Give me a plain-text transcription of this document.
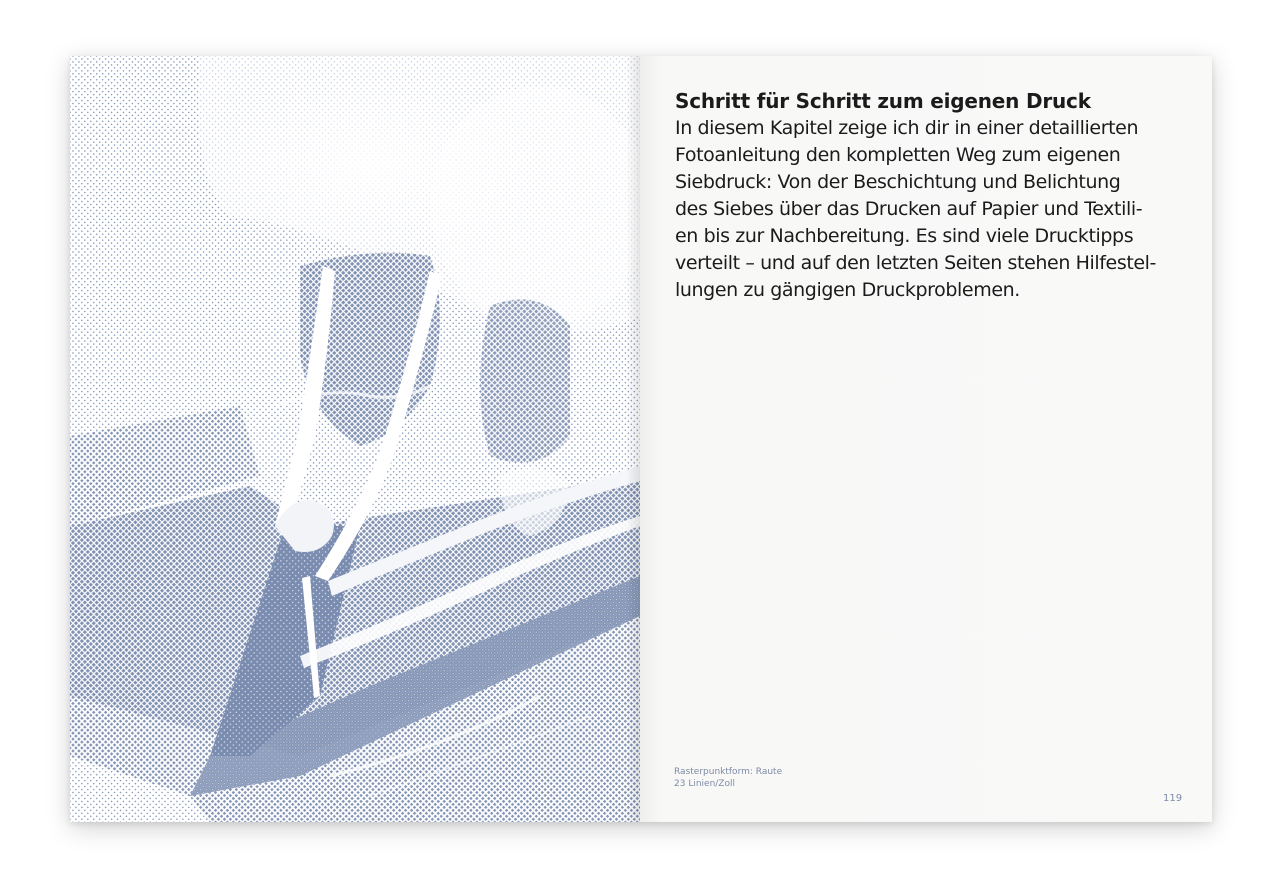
Schritt für Schritt zum eigenen Druck

In diesem Kapitel zeige ich dir in einer detaillierten
Fotoanleitung den kompletten Weg zum eigenen
Siebdruck: Von der Beschichtung und Belichtung
des Siebes über das Drucken auf Papier und Textili-
en bis zur Nachbereitung. Es sind viele Drucktipps
verteilt – und auf den letzten Seiten stehen Hilfestel-
lungen zu gängigen Druckproblemen.

Rasterpunktform: Raute
23 Linien/Zoll
119
